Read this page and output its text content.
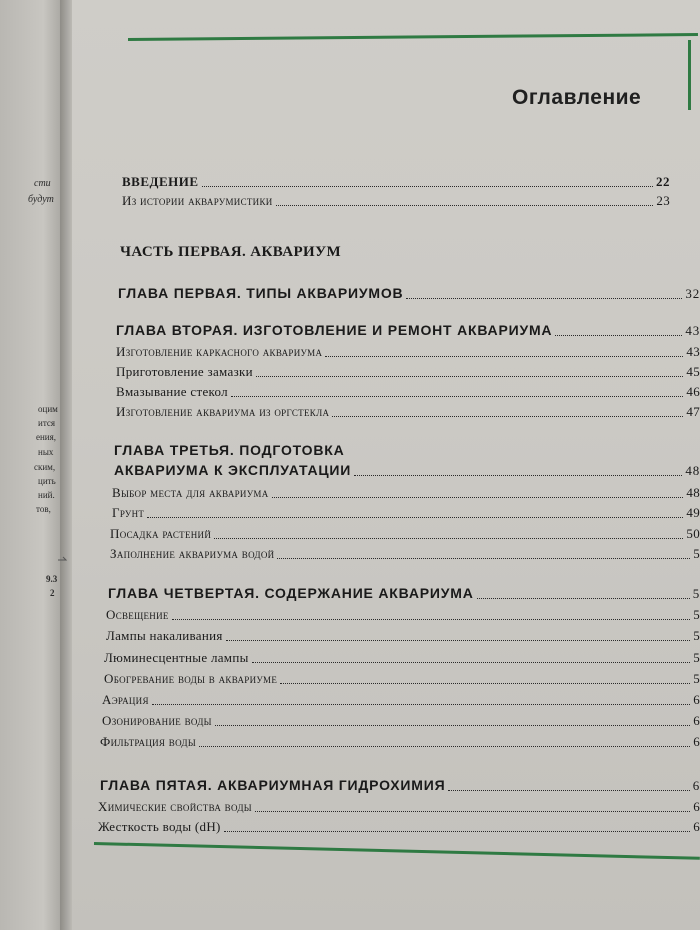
сти
будут
оцим
ится
ения,
ных
ским,
цить
ний.
тов,
9.3
2
Оглавление
ВВЕДЕНИЕ	22
Из истории акварумистики	23
ЧАСТЬ ПЕРВАЯ. АКВАРИУМ
ГЛАВА ПЕРВАЯ. ТИПЫ АКВАРИУМОВ	32
ГЛАВА ВТОРАЯ. ИЗГОТОВЛЕНИЕ И РЕМОНТ АКВАРИУМА	43
Изготовление каркасного аквариума	43
Приготовление замазки	45
Вмазывание стекол	46
Изготовление аквариума из оргстекла	47
ГЛАВА ТРЕТЬЯ. ПОДГОТОВКА
АКВАРИУМА К ЭКСПЛУАТАЦИИ	48
Выбор места для аквариума	48
Грунт	49
Посадка растений	50
Заполнение аквариума водой	5
ГЛАВА ЧЕТВЕРТАЯ. СОДЕРЖАНИЕ АКВАРИУМА	5
Освещение	5
Лампы накаливания	5
Люминесцентные лампы	5
Обогревание воды в аквариуме	5
Аэрация	6
Озонирование воды	6
Фильтрация воды	6
ГЛАВА ПЯТАЯ. АКВАРИУМНАЯ ГИДРОХИМИЯ	6
Химические свойства воды	6
Жесткость воды (dH)	6
